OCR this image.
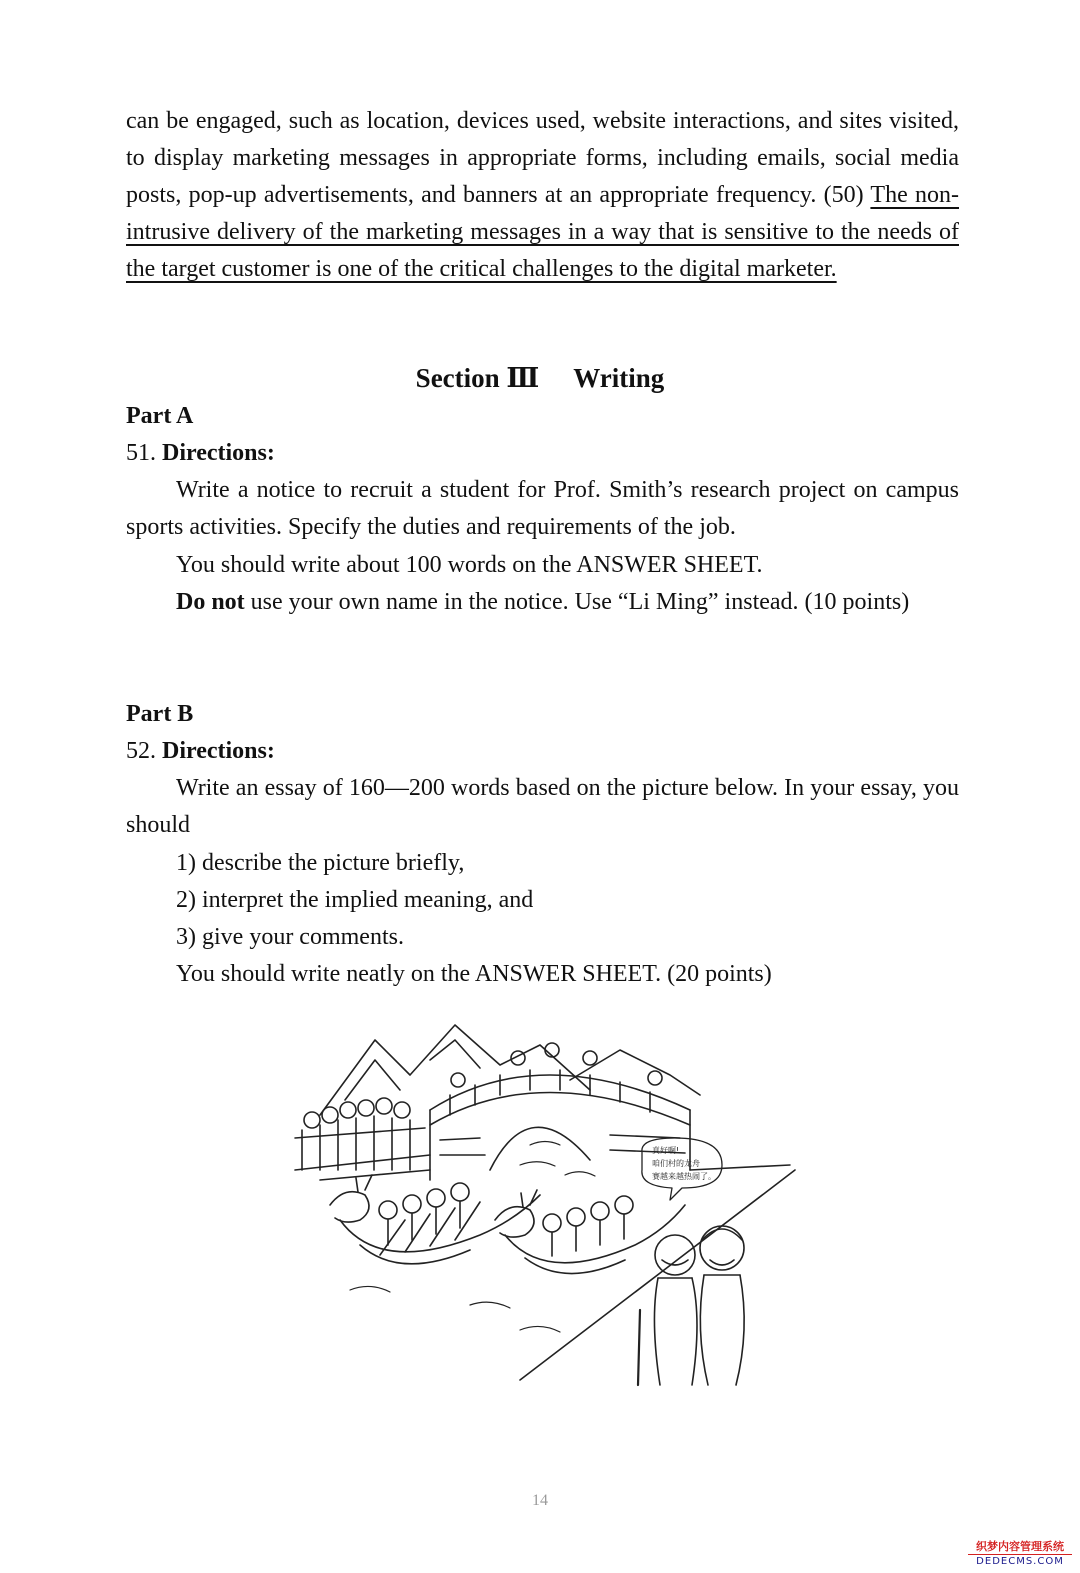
can be engaged, such as location, devices used, website interactions, and sites visited, to display marketing messages in appropriate forms, including emails, social media posts, pop-up advertisements, and banners at an appropriate frequency. (50) The non-intrusive delivery of the marketing messages in a way that is sensitive to the needs of the target customer is one of the critical challenges to the digital marketer.
Section Ⅲ Writing
Part A
51. Directions:
Write a notice to recruit a student for Prof. Smith’s research project on campus sports activities. Specify the duties and requirements of the job.
You should write about 100 words on the ANSWER SHEET.
Do not use your own name in the notice. Use “Li Ming” instead. (10 points)
Part B
52. Directions:
Write an essay of 160—200 words based on the picture below. In your essay, you should
1) describe the picture briefly,
2) interpret the implied meaning, and
3) give your comments.
You should write neatly on the ANSWER SHEET. (20 points)
真好啊!
咱们村的龙舟
赛越来越热闹了。
14
织梦内容管理系统
DEDECMS.COM
